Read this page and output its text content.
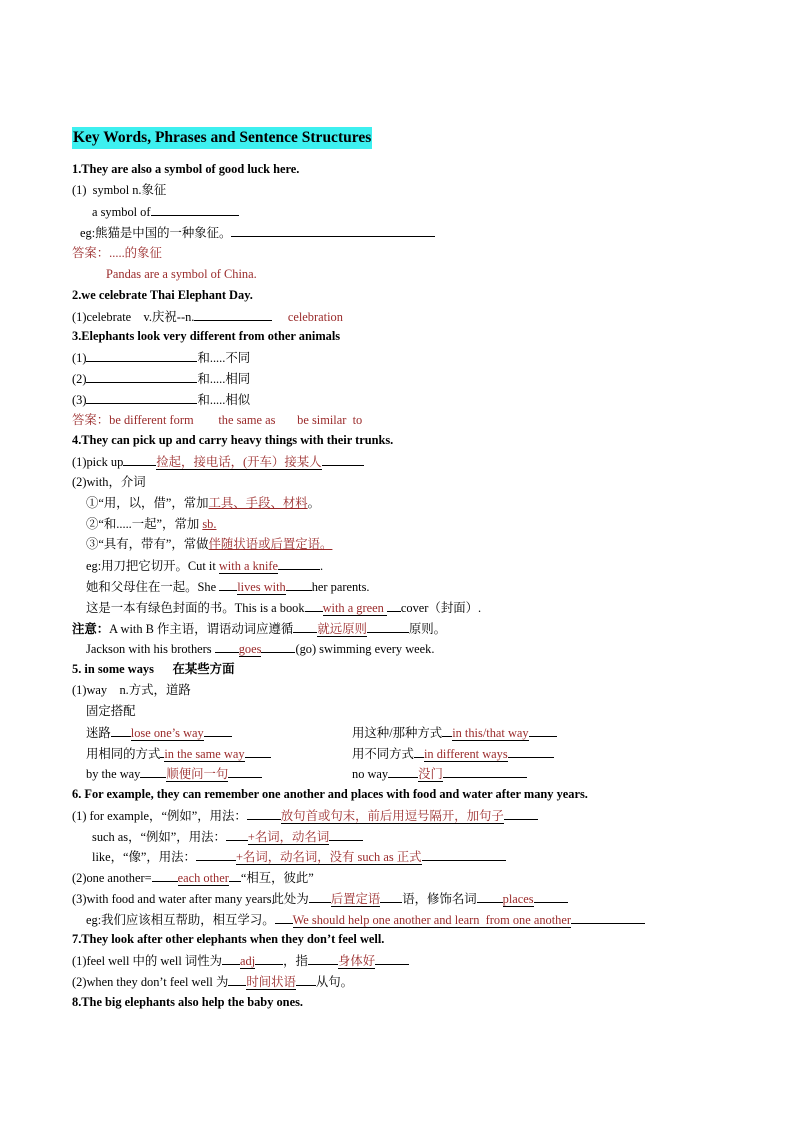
Key Words, Phrases and Sentence Structures
1.They are also a symbol of good luck here.
(1)  symbol n.象征
a symbol of
eg:熊猫是中国的一种象征。
答案：.....的象征
Pandas are a symbol of China.
2.we celebrate Thai Elephant Day.
(1)celebrate    v.庆祝--n.	celebration
3.Elephants look very different from other animals
(1)	和.....不同
(2)	和.....相同
(3)	和.....相似
答案：be different form the same as be similar  to
4.They can pick up and carry heavy things with their trunks.
(1)pick up	捡起，接电话，(开车）接某人
(2)with，介词
①“用，以，借”，常加工具、手段、材料。
②“和.....一起”，常加 sb.
③“具有，带有”，常做伴随状语或后置定语。
eg:用刀把它切开。Cut it with a knife	.
她和父母住在一起。She lives with her parents.
这是一本有绿色封面的书。This is a book with a green cover（封面）.
注意：A with B 作主语，谓语动词应遵循 就远原则	原则。
Jackson with his brothers goes	(go) swimming every week.
5. in some ways 在某些方面
(1)way    n.方式，道路
固定搭配
迷路 lose one’s way	用这种/那种方式 in this/that way
用相同的方式 in the same way	用不同方式 in different ways
by the way 顺便问一句	no way 没门
6. For example, they can remember one another and places with food and water after many years.
(1) for example，“例如”，用法：	放句首或句末，前后用逗号隔开，加句子
such as，“例如”，用法： +名词，动名词
like，“像”，用法：	+名词，动名词，没有 such as 正式
(2)one another= each other “相互，彼此”
(3)with food and water after many years此处为 后置定语 语，修饰名词 places
eg:我们应该相互帮助，相互学习。 We should help one another and learn  from one another
7.They look after other elephants when they don’t feel well.
(1)feel well 中的 well 词性为 adj ，指 身体好
(2)when they don’t feel well 为 时间状语 从句。
8.The big elephants also help the baby ones.
